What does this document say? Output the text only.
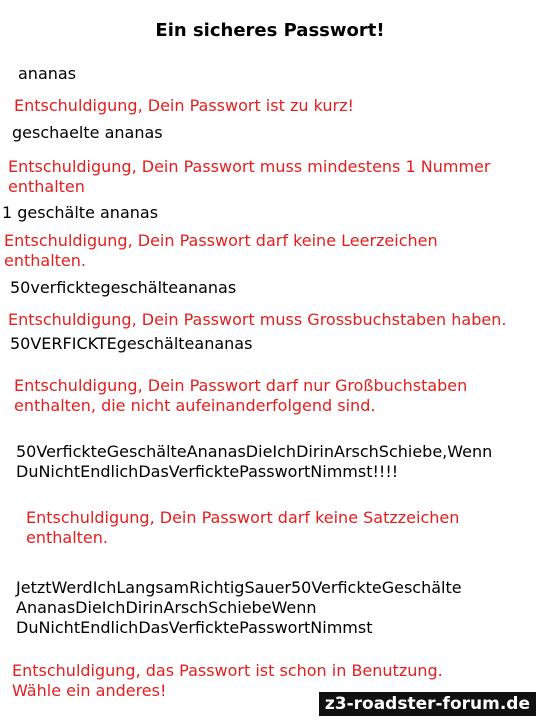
Ein sicheres Passwort!
ananas
Entschuldigung, Dein Passwort ist zu kurz!
geschaelte ananas
Entschuldigung, Dein Passwort muss mindestens 1 Nummer
enthalten
1 geschälte ananas
Entschuldigung, Dein Passwort darf keine Leerzeichen
enthalten.
50verficktegeschälteananas
Entschuldigung, Dein Passwort muss Grossbuchstaben haben.
50VERFICKTEgeschälteananas
Entschuldigung, Dein Passwort darf nur Großbuchstaben
enthalten, die nicht aufeinanderfolgend sind.
50VerfickteGeschälteAnanasDieIchDirinArschSchiebe,Wenn
DuNichtEndlichDasVerficktePasswortNimmst!!!!
Entschuldigung, Dein Passwort darf keine Satzzeichen
enthalten.
JetztWerdIchLangsamRichtigSauer50VerfickteGeschälte
AnanasDieIchDirinArschSchiebeWenn
DuNichtEndlichDasVerficktePasswortNimmst
Entschuldigung, das Passwort ist schon in Benutzung.
Wähle ein anderes!
z3-roadster-forum.de
